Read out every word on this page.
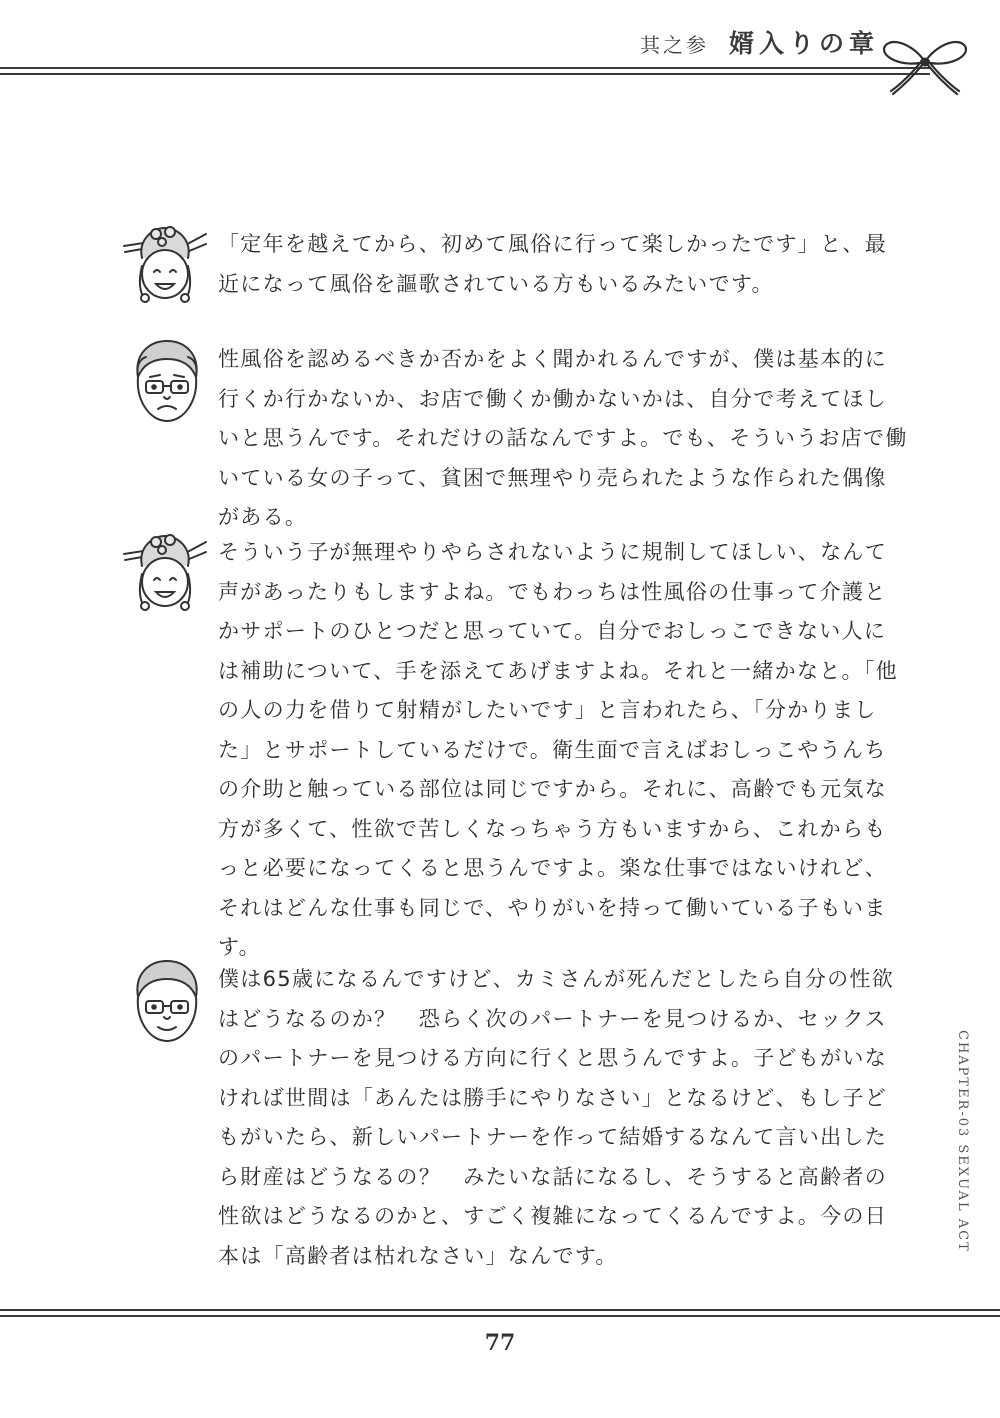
其之参 婿入りの章
CHAPTER-03 SEXUAL ACT

「定年を越えてから、初めて風俗に行って楽しかったです」と、最近になって風俗を謳歌されている方もいるみたいです。

性風俗を認めるべきか否かをよく聞かれるんですが、僕は基本的に行くか行かないか、お店で働くか働かないかは、自分で考えてほしいと思うんです。それだけの話なんですよ。でも、そういうお店で働いている女の子って、貧困で無理やり売られたような作られた偶像がある。

そういう子が無理やりやらされないように規制してほしい、なんて声があったりもしますよね。でもわっちは性風俗の仕事って介護とかサポートのひとつだと思っていて。自分でおしっこできない人には補助について、手を添えてあげますよね。それと一緒かなと。「他の人の力を借りて射精がしたいです」と言われたら、「分かりました」とサポートしているだけで。衛生面で言えばおしっこやうんちの介助と触っている部位は同じですから。それに、高齢でも元気な方が多くて、性欲で苦しくなっちゃう方もいますから、これからもっと必要になってくると思うんですよ。楽な仕事ではないけれど、それはどんな仕事も同じで、やりがいを持って働いている子もいます。

僕は65歳になるんですけど、カミさんが死んだとしたら自分の性欲はどうなるのか？　恐らく次のパートナーを見つけるか、セックスのパートナーを見つける方向に行くと思うんですよ。子どもがいなければ世間は「あんたは勝手にやりなさい」となるけど、もし子どもがいたら、新しいパートナーを作って結婚するなんて言い出したら財産はどうなるの？　みたいな話になるし、そうすると高齢者の性欲はどうなるのかと、すごく複雑になってくるんですよ。今の日本は「高齢者は枯れなさい」なんです。

77
